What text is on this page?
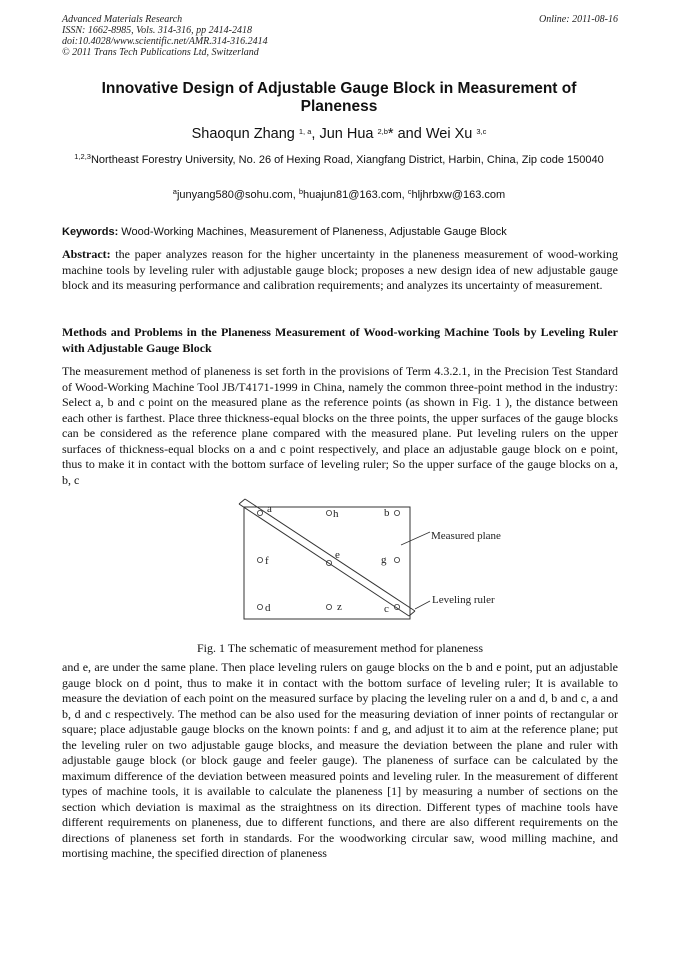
Advanced Materials Research
ISSN: 1662-8985, Vols. 314-316, pp 2414-2418
doi:10.4028/www.scientific.net/AMR.314-316.2414
© 2011 Trans Tech Publications Ltd, Switzerland
Online: 2011-08-16
Innovative Design of Adjustable Gauge Block in Measurement of Planeness
Shaoqun Zhang $^{1, a}$, Jun Hua $^{2,b}$* and Wei Xu $^{3,c}$
$^{1,2,3}$Northeast Forestry University, No. 26 of Hexing Road, Xiangfang District, Harbin, China, Zip code 150040
$^a$junyang580@sohu.com, $^b$huajun81@163.com, $^c$hljhrbxw@163.com
Keywords: Wood-Working Machines, Measurement of Planeness, Adjustable Gauge Block
Abstract: the paper analyzes reason for the higher uncertainty in the planeness measurement of wood-working machine tools by leveling ruler with adjustable gauge block; proposes a new design idea of new adjustable gauge block and its measuring performance and calibration requirements; and analyzes its uncertainty of measurement.
Methods and Problems in the Planeness Measurement of Wood-working Machine Tools by Leveling Ruler with Adjustable Gauge Block
The measurement method of planeness is set forth in the provisions of Term 4.3.2.1, in the Precision Test Standard of Wood-Working Machine Tool JB/T4171-1999 in China, namely the common three-point method in the industry: Select a, b and c point on the measured plane as the reference points (as shown in Fig. 1 ), the distance between each other is farthest. Place three thickness-equal blocks on the three points, the upper surfaces of the gauge blocks can be considered as the reference plane compared with the measured plane. Put leveling rulers on the upper surfaces of thickness-equal blocks on a and c point respectively, and place an adjustable gauge block on e point, thus to make it in contact with the bottom surface of leveling ruler; So the upper surface of the gauge blocks on a, b, c
a	h	b
f	e	g
d	z	c
Measured plane
Leveling ruler
Fig. 1 The schematic of measurement method for planeness
and e, are under the same plane. Then place leveling rulers on gauge blocks on the b and e point, put an adjustable gauge block on d point, thus to make it in contact with the bottom surface of leveling ruler; It is available to measure the deviation of each point on the measured surface by placing the leveling ruler on a and d, b and c, a and b, d and c respectively. The method can be also used for the measuring deviation of inner points of rectangular or square; place adjustable gauge blocks on the known points: f and g, and adjust it to aim at the reference plane; put the leveling ruler on two adjustable gauge blocks, and measure the deviation between the plane and ruler with adjustable gauge block (or block gauge and feeler gauge). The planeness of surface can be calculated by the maximum difference of the deviation between measured points and leveling ruler. In the measurement of different types of machine tools, it is available to calculate the planeness [1] by measuring a number of sections on the section which deviation is maximal as the straightness on its direction. Different types of machine tools have different requirements on planeness, due to different functions, and there are also different requirements on the directions of planeness set forth in standards. For the woodworking circular saw, wood milling machine, and mortising machine, the specified direction of planeness
